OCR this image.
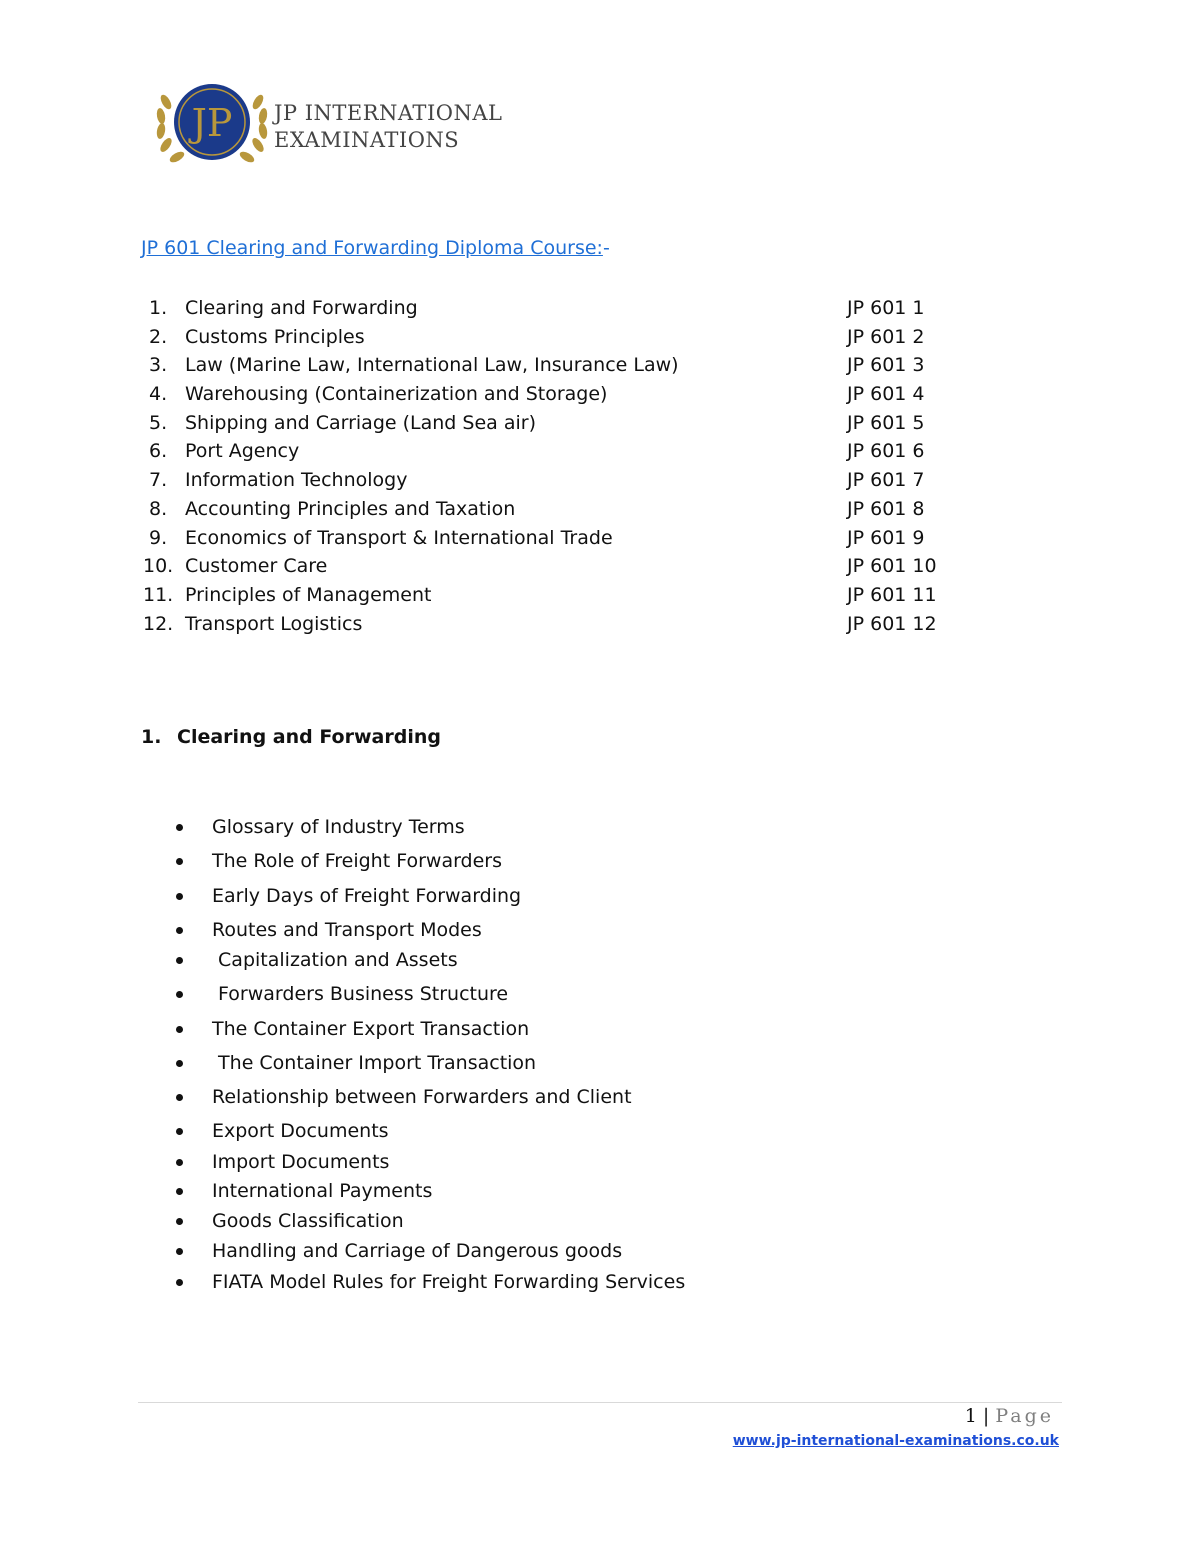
JP JP INTERNATIONAL
EXAMINATIONS
JP 601 Clearing and Forwarding Diploma Course:-
1. Clearing and Forwarding	JP 601 1
2. Customs Principles	JP 601 2
3. Law (Marine Law, International Law, Insurance Law)	JP 601 3
4. Warehousing (Containerization and Storage)	JP 601 4
5. Shipping and Carriage (Land Sea air)	JP 601 5
6. Port Agency	JP 601 6
7. Information Technology	JP 601 7
8. Accounting Principles and Taxation	JP 601 8
9. Economics of Transport & International Trade	JP 601 9
10. Customer Care	JP 601 10
11. Principles of Management	JP 601 11
12. Transport Logistics	JP 601 12
1. Clearing and Forwarding
Glossary of Industry Terms
The Role of Freight Forwarders
Early Days of Freight Forwarding
Routes and Transport Modes
Capitalization and Assets
Forwarders Business Structure
The Container Export Transaction
The Container Import Transaction
Relationship between Forwarders and Client
Export Documents
Import Documents
International Payments
Goods Classification
Handling and Carriage of Dangerous goods
FIATA Model Rules for Freight Forwarding Services
1 | Page
www.jp-international-examinations.co.uk
